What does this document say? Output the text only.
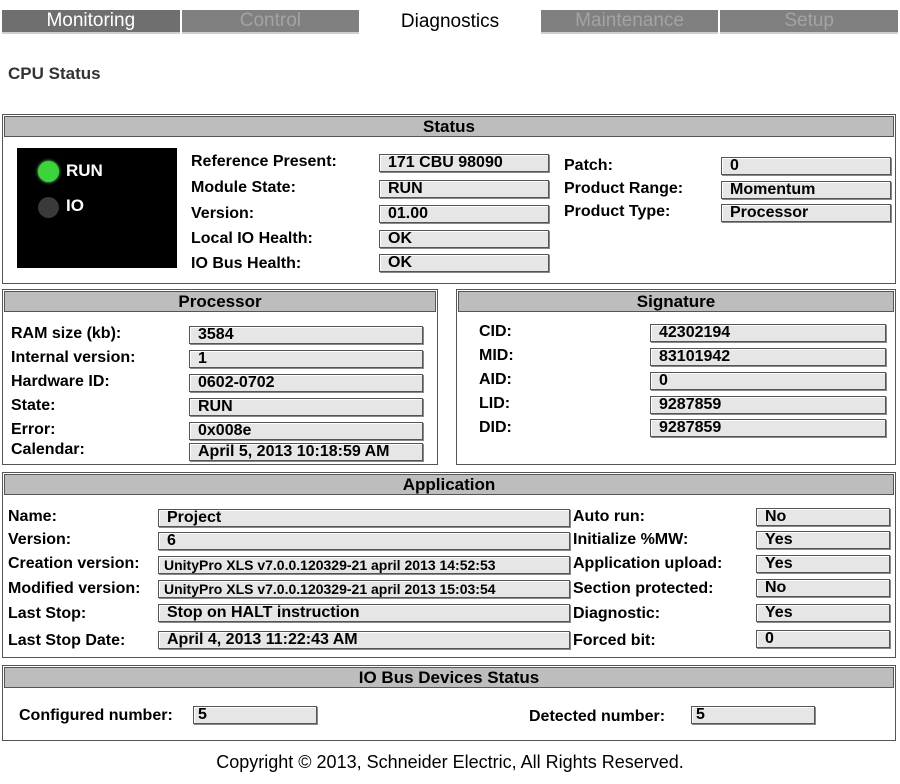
Monitoring	Control	Diagnostics	Maintenance	Setup
CPU Status
Status
RUN
IO
Reference Present:	171 CBU 98090
Module State:	RUN
Version:	01.00
Local IO Health:	OK
IO Bus Health:	OK
Patch:	0
Product Range:	Momentum
Product Type:	Processor
Processor
RAM size (kb):	3584
Internal version:	1
Hardware ID:	0602-0702
State:	RUN
Error:	0x008e
Calendar:	April 5, 2013 10:18:59 AM
Signature
CID:	42302194
MID:	83101942
AID:	0
LID:	9287859
DID:	9287859
Application
Name:	Project
Version:	6
Creation version:	UnityPro XLS v7.0.0.120329-21 april 2013 14:52:53
Modified version:	UnityPro XLS v7.0.0.120329-21 april 2013 15:03:54
Last Stop:	Stop on HALT instruction
Last Stop Date:	April 4, 2013 11:22:43 AM
Auto run:	No
Initialize %MW:	Yes
Application upload:	Yes
Section protected:	No
Diagnostic:	Yes
Forced bit:	0
IO Bus Devices Status
Configured number:	5	Detected number:	5
Copyright © 2013, Schneider Electric, All Rights Reserved.
